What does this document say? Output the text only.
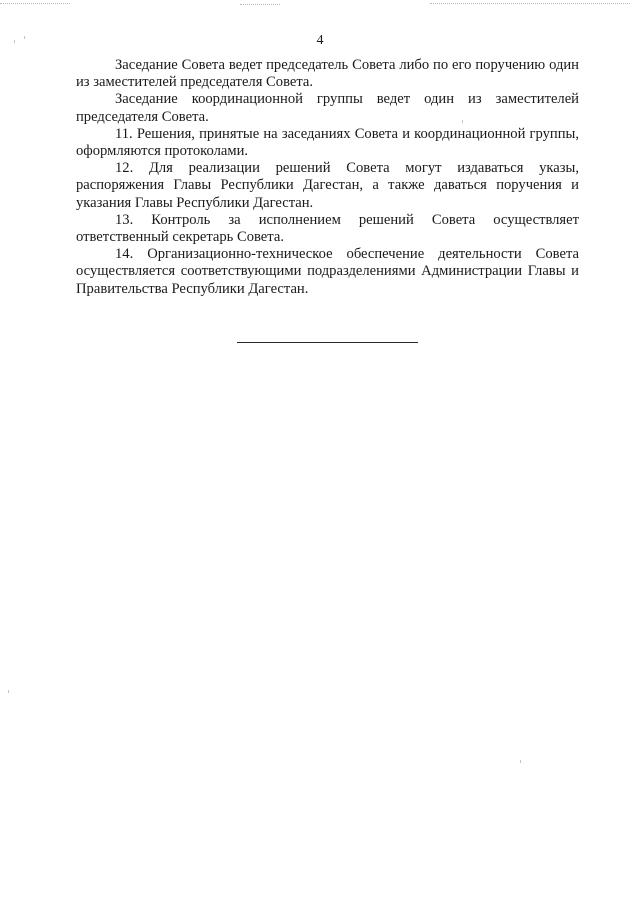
4

Заседание Совета ведет председатель Совета либо по его поручению один из заместителей председателя Совета.

Заседание координационной группы ведет один из заместителей председателя Совета.

11. Решения, принятые на заседаниях Совета и координационной группы, оформляются протоколами.

12. Для реализации решений Совета могут издаваться указы, распоряжения Главы Республики Дагестан, а также даваться поручения и указания Главы Республики Дагестан.

13. Контроль за исполнением решений Совета осуществляет ответственный секретарь Совета.

14. Организационно-техническое обеспечение деятельности Совета осуществляется соответствующими подразделениями Администрации Главы и Правительства Республики Дагестан.
